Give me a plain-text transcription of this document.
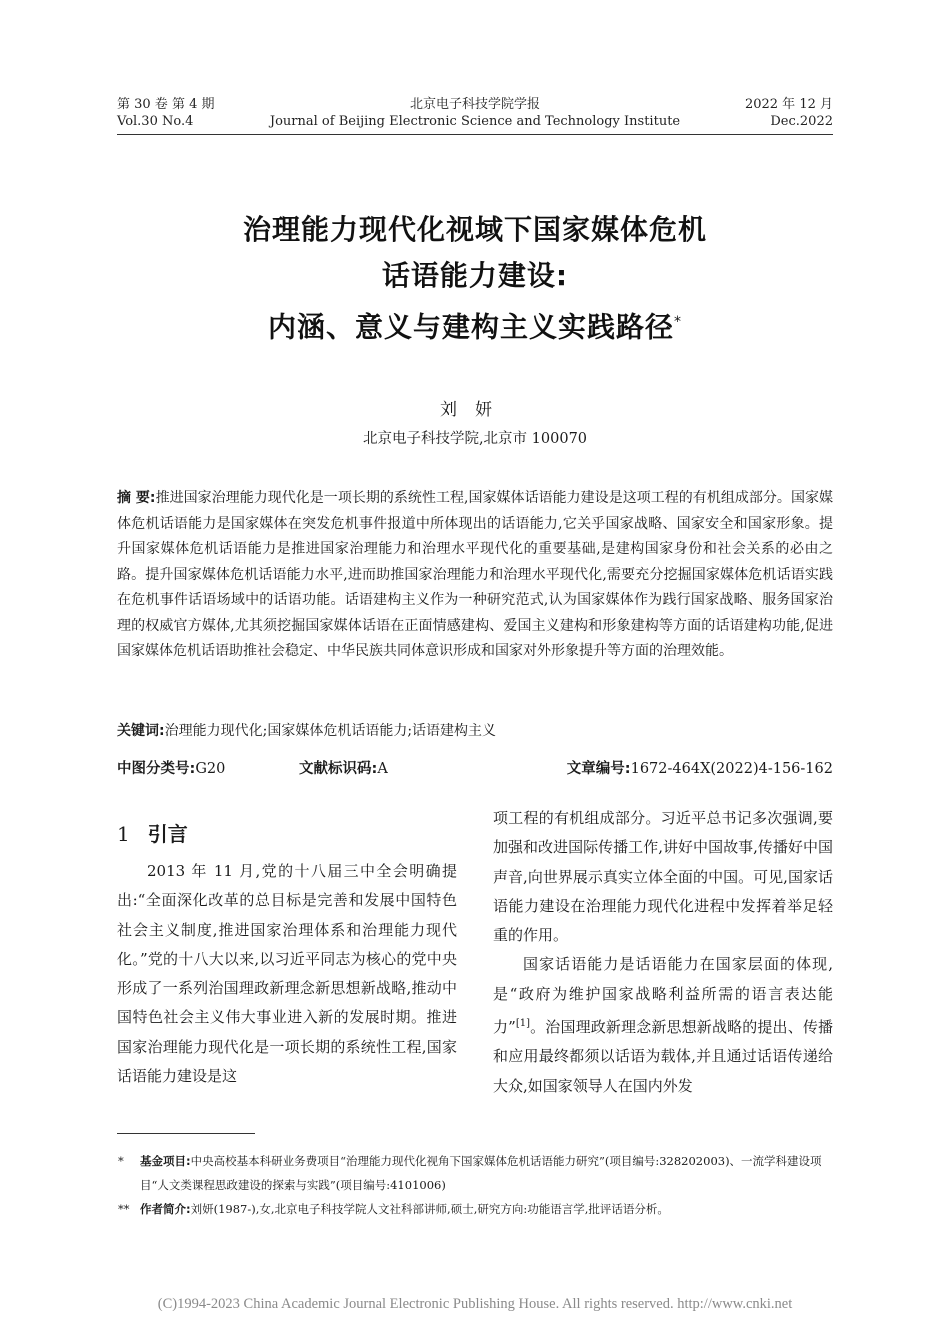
第 30 卷 第 4 期
Vol.30 No.4
北京电子科技学院学报
Journal of Beijing Electronic Science and Technology Institute
2022 年 12 月
Dec.2022
治理能力现代化视域下国家媒体危机
话语能力建设:
内涵、意义与建构主义实践路径*
刘妍
北京电子科技学院,北京市 100070
摘 要:推进国家治理能力现代化是一项长期的系统性工程,国家媒体话语能力建设是这项工程的有机组成部分。国家媒体危机话语能力是国家媒体在突发危机事件报道中所体现出的话语能力,它关乎国家战略、国家安全和国家形象。提升国家媒体危机话语能力是推进国家治理能力和治理水平现代化的重要基础,是建构国家身份和社会关系的必由之路。提升国家媒体危机话语能力水平,进而助推国家治理能力和治理水平现代化,需要充分挖掘国家媒体危机话语实践在危机事件话语场域中的话语功能。话语建构主义作为一种研究范式,认为国家媒体作为践行国家战略、服务国家治理的权威官方媒体,尤其须挖掘国家媒体话语在正面情感建构、爱国主义建构和形象建构等方面的话语建构功能,促进国家媒体危机话语助推社会稳定、中华民族共同体意识形成和国家对外形象提升等方面的治理效能。
关键词:治理能力现代化;国家媒体危机话语能力;话语建构主义
中图分类号:G20	文献标识码:A	文章编号:1672-464X(2022)4-156-162
1 引言

2013 年 11 月,党的十八届三中全会明确提出:“全面深化改革的总目标是完善和发展中国特色社会主义制度,推进国家治理体系和治理能力现代化。”党的十八大以来,以习近平同志为核心的党中央形成了一系列治国理政新理念新思想新战略,推动中国特色社会主义伟大事业进入新的发展时期。推进国家治理能力现代化是一项长期的系统性工程,国家话语能力建设是这

项工程的有机组成部分。习近平总书记多次强调,要加强和改进国际传播工作,讲好中国故事,传播好中国声音,向世界展示真实立体全面的中国。可见,国家话语能力建设在治理能力现代化进程中发挥着举足轻重的作用。

国家话语能力是话语能力在国家层面的体现,是“政府为维护国家战略利益所需的语言表达能力”[1]。治国理政新理念新思想新战略的提出、传播和应用最终都须以话语为载体,并且通过话语传递给大众,如国家领导人在国内外发

* 基金项目:中央高校基本科研业务费项目“治理能力现代化视角下国家媒体危机话语能力研究”(项目编号:328202003)、一流学科建设项目“人文类课程思政建设的探索与实践”(项目编号:4101006)
** 作者简介:刘妍(1987-),女,北京电子科技学院人文社科部讲师,硕士,研究方向:功能语言学,批评话语分析。
(C)1994-2023 China Academic Journal Electronic Publishing House. All rights reserved. http://www.cnki.net
